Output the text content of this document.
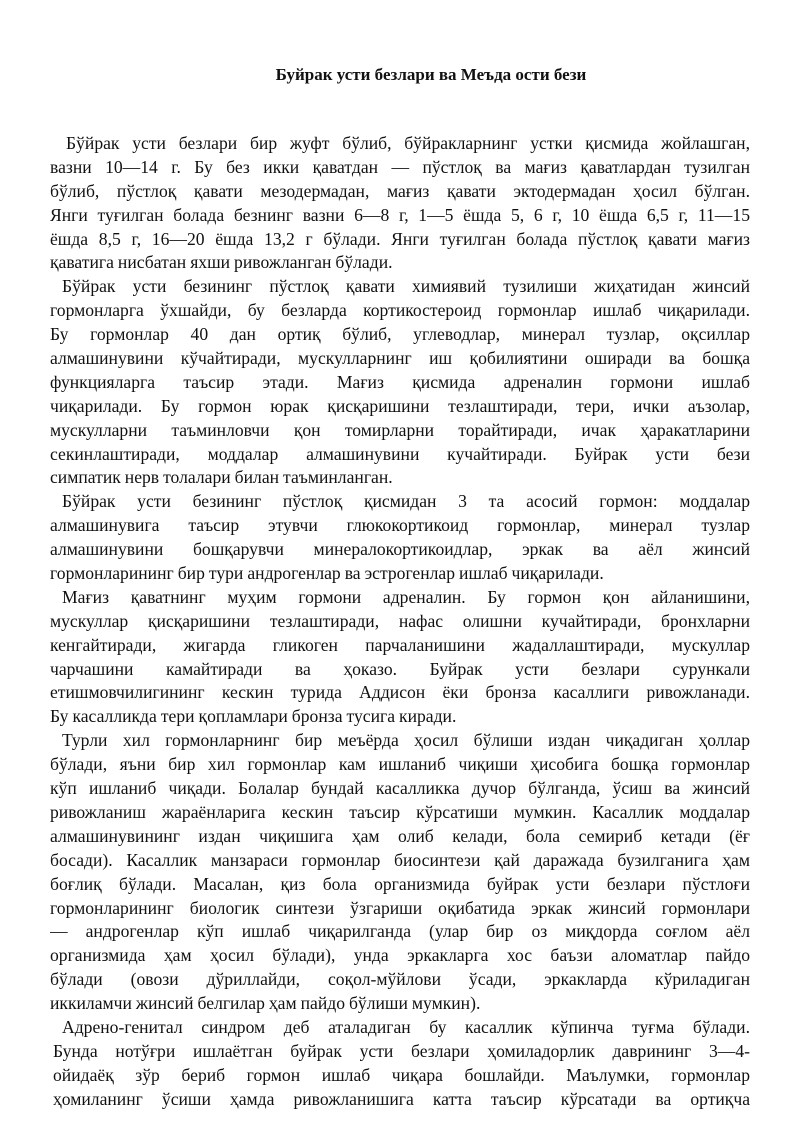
Буйрак усти безлари ва Меъда ости бези
Бўйрак усти безлари бир жуфт бўлиб, бўйракларнинг устки қисмида жойлашган,
вазни 10—14 г. Бу без икки қаватдан — пўстлоқ ва мағиз қаватлардан тузилган
бўлиб, пўстлоқ қавати мезодермадан, мағиз қавати эктодермадан ҳосил бўлган.
Янги туғилган болада безнинг вазни 6—8 г, 1—5 ёшда 5, 6 г, 10 ёшда 6,5 г, 11—15
ёшда 8,5 г, 16—20 ёшда 13,2 г бўлади. Янги туғилган болада пўстлоқ қавати мағиз
қаватига нисбатан яхши ривожланган бўлади.
Бўйрак усти безининг пўстлоқ қавати химиявий тузилиши жиҳатидан жинсий
гормонларга ўхшайди, бу безларда кортикостероид гормонлар ишлаб чиқарилади.
Бу гормонлар 40 дан ортиқ бўлиб, углеводлар, минерал тузлар, оқсиллар
алмашинувини кўчайтиради, мускулларнинг иш қобилиятини оширади ва бошқа
функцияларга таъсир этади. Мағиз қисмида адреналин гормони ишлаб
чиқарилади. Бу гормон юрак қисқаришини тезлаштиради, тери, ички аъзолар,
мускулларни таъминловчи қон томирларни торайтиради, ичак ҳаракатларини
секинлаштиради, моддалар алмашинувини кучайтиради. Буйрак усти бези
симпатик нерв толалари билан таъминланган.
Бўйрак усти безининг пўстлоқ қисмидан 3 та асосий гормон: моддалар
алмашинувига таъсир этувчи глюкокортикоид гормонлар, минерал тузлар
алмашинувини бошқарувчи минералокортикоидлар, эркак ва аёл жинсий
гормонларининг бир тури андрогенлар ва эстрогенлар ишлаб чиқарилади.
Мағиз қаватнинг муҳим гормони адреналин. Бу гормон қон айланишини,
мускуллар қисқаришини тезлаштиради, нафас олишни кучайтиради, бронхларни
кенгайтиради, жигарда гликоген парчаланишини жадаллаштиради, мускуллар
чарчашини камайтиради ва ҳоказо. Буйрак усти безлари сурункали
етишмовчилигининг кескин турида Аддисон ёки бронза касаллиги ривожланади.
Бу касалликда тери қопламлари бронза тусига киради.
Турли хил гормонларнинг бир меъёрда ҳосил бўлиши издан чиқадиган ҳоллар
бўлади, яъни бир хил гормонлар кам ишланиб чиқиши ҳисобига бошқа гормонлар
кўп ишланиб чиқади. Болалар бундай касалликка дучор бўлганда, ўсиш ва жинсий
ривожланиш жараёнларига кескин таъсир кўрсатиши мумкин. Касаллик моддалар
алмашинувининг издан чиқишига ҳам олиб келади, бола семириб кетади (ёғ
босади). Касаллик манзараси гормонлар биосинтези қай даражада бузилганига ҳам
боғлиқ бўлади. Масалан, қиз бола организмида буйрак усти безлари пўстлоғи
гормонларининг биологик синтези ўзгариши оқибатида эркак жинсий гормонлари
— андрогенлар кўп ишлаб чиқарилганда (улар бир оз миқдорда соғлом аёл
организмида ҳам ҳосил бўлади), унда эркакларга хос баъзи аломатлар пайдо
бўлади (овози дўриллайди, соқол-мўйлови ўсади, эркакларда кўриладиган
иккиламчи жинсий белгилар ҳам пайдо бўлиши мумкин).
Адрено-генитал синдром деб аталадиган бу касаллик кўпинча туғма бўлади.
Бунда нотўғри ишлаётган буйрак усти безлари ҳомиладорлик даврининг 3—4-
ойидаёқ зўр бериб гормон ишлаб чиқара бошлайди. Маълумки, гормонлар
ҳомиланинг ўсиши ҳамда ривожланишига катта таъсир кўрсатади ва ортиқча
